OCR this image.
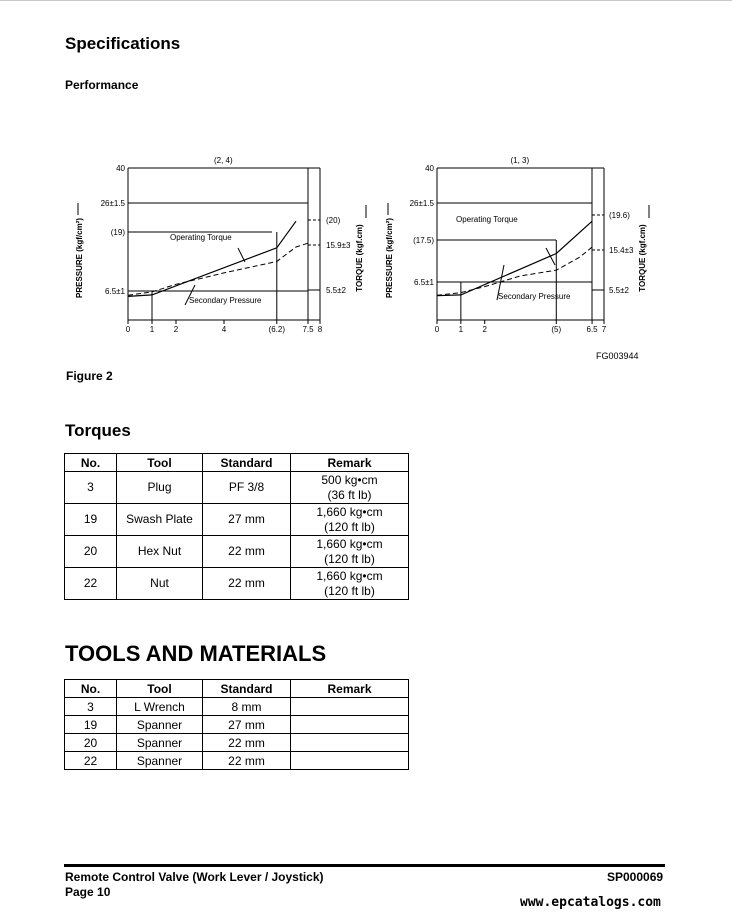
Specifications
Performance
(2, 4)
40
26±1.5
(19)
6.5±1
(20)
15.9±3
5.5±2
0 1 2	4	(6.2) 7.5 8
Operating Torque
Secondary Pressure
PRESSURE (kgf/cm²)	TORQUE (kgf.cm)
(1, 3)
40
26±1.5
(17.5)
6.5±1
(19.6)
15.4±3
5.5±2
0 1 2	(5)	6.5 7
Operating Torque
Secondary Pressure
PRESSURE (kgf/cm²)	TORQUE (kgf.cm)
FG003944
Figure 2
Torques
No.	Tool	Standard	Remark
3	Plug	PF 3/8	500 kg•cm
(36 ft lb)
19	Swash Plate	27 mm	1,660 kg•cm
(120 ft lb)
20	Hex Nut	22 mm	1,660 kg•cm
(120 ft lb)
22	Nut	22 mm	1,660 kg•cm
(120 ft lb)
TOOLS AND MATERIALS
No.	Tool	Standard	Remark
3	L Wrench	8 mm	
19	Spanner	27 mm	
20	Spanner	22 mm	
22	Spanner	22 mm	
Remote Control Valve (Work Lever / Joystick)
Page 10
SP000069
www.epcatalogs.com
